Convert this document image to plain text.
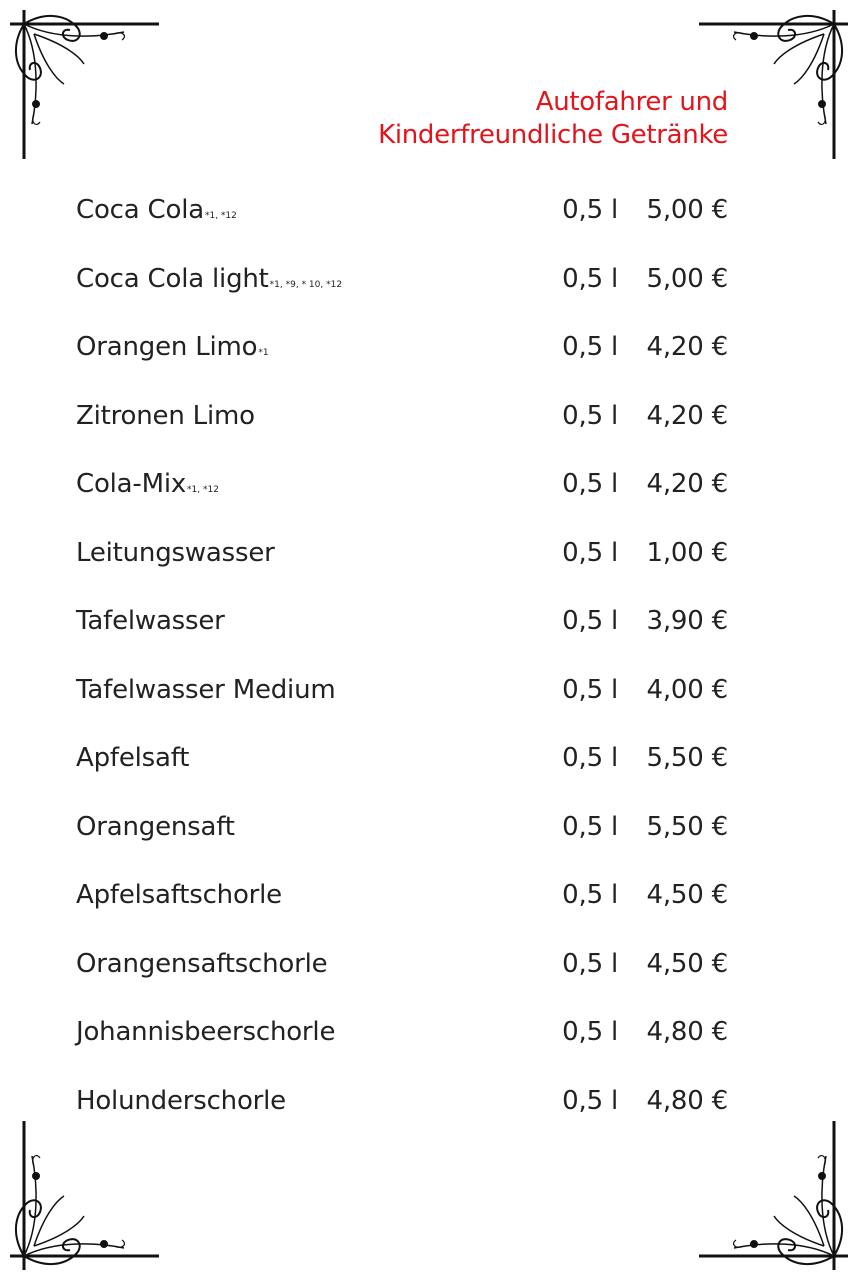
Autofahrer und
Kinderfreundliche Getränke
Coca Cola*1, *12	0,5 l 5,00 €
Coca Cola light*1, *9, * 10, *12	0,5 l 5,00 €
Orangen Limo*1	0,5 l 4,20 €
Zitronen Limo	0,5 l 4,20 €
Cola-Mix*1, *12	0,5 l 4,20 €
Leitungswasser	0,5 l 1,00 €
Tafelwasser	0,5 l 3,90 €
Tafelwasser Medium	0,5 l 4,00 €
Apfelsaft	0,5 l 5,50 €
Orangensaft	0,5 l 5,50 €
Apfelsaftschorle	0,5 l 4,50 €
Orangensaftschorle	0,5 l 4,50 €
Johannisbeerschorle	0,5 l 4,80 €
Holunderschorle	0,5 l 4,80 €
